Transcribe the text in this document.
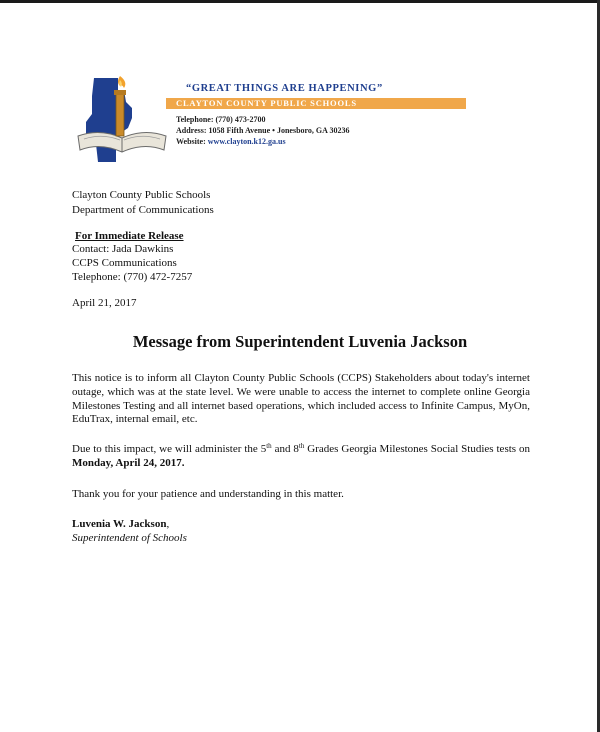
“GREAT THINGS ARE HAPPENING”
CLAYTON COUNTY PUBLIC SCHOOLS
Telephone: (770) 473-2700
Address: 1058 Fifth Avenue • Jonesboro, GA 30236
Website: www.clayton.k12.ga.us
Clayton County Public Schools
Department of Communications
For Immediate Release
Contact: Jada Dawkins
CCPS Communications
Telephone: (770) 472-7257
April 21, 2017
Message from Superintendent Luvenia Jackson
This notice is to inform all Clayton County Public Schools (CCPS) Stakeholders about today's internet outage, which was at the state level. We were unable to access the internet to complete online Georgia Milestones Testing and all internet based operations, which included access to Infinite Campus, MyOn, EduTrax, internal email, etc.
Due to this impact, we will administer the 5th and 8th Grades Georgia Milestones Social Studies tests on Monday, April 24, 2017.
Thank you for your patience and understanding in this matter.
Luvenia W. Jackson,
Superintendent of Schools
